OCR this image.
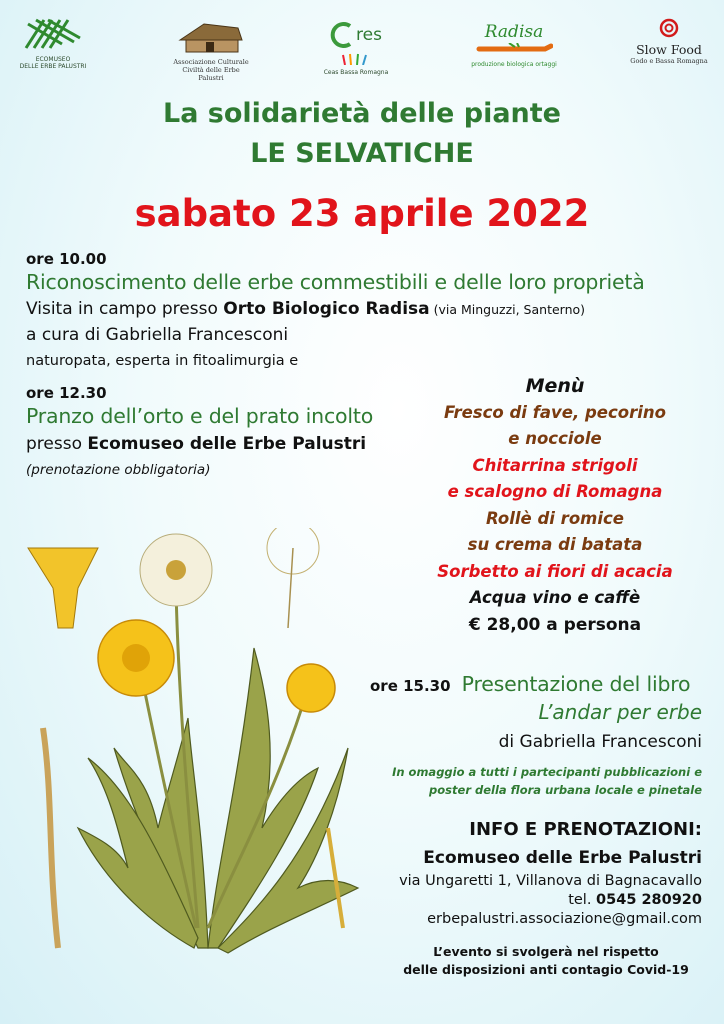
ECOMUSEO
DELLE ERBE PALUSTRI
Associazione Culturale
Civiltà delle Erbe Palustri
res
Ceas Bassa Romagna
Radisa
produzione biologica ortaggi
Slow Food
Godo e Bassa Romagna
La solidarietà delle piante
LE SELVATICHE
sabato 23 aprile 2022
ore 10.00
Riconoscimento delle erbe commestibili e delle loro proprietà
Visita in campo presso Orto Biologico Radisa (via Minguzzi, Santerno)
a cura di Gabriella Francesconi
naturopata, esperta in fitoalimurgia e
ore 12.30
Pranzo dell’orto e del prato incolto
presso Ecomuseo delle Erbe Palustri
(prenotazione obbligatoria)
Menù
Fresco di fave, pecorino
e nocciole
Chitarrina strigoli
e scalogno di Romagna
Rollè di romice
su crema di batata
Sorbetto ai fiori di acacia
Acqua vino e caffè
€ 28,00 a persona
ore 15.30 Presentazione del libro
L’andar per erbe
di Gabriella Francesconi
In omaggio a tutti i partecipanti pubblicazioni e
poster della flora urbana locale e pinetale
INFO E PRENOTAZIONI:
Ecomuseo delle Erbe Palustri
via Ungaretti 1, Villanova di Bagnacavallo
tel. 0545 280920
erbepalustri.associazione@gmail.com
L’evento si svolgerà nel rispetto
delle disposizioni anti contagio Covid-19
